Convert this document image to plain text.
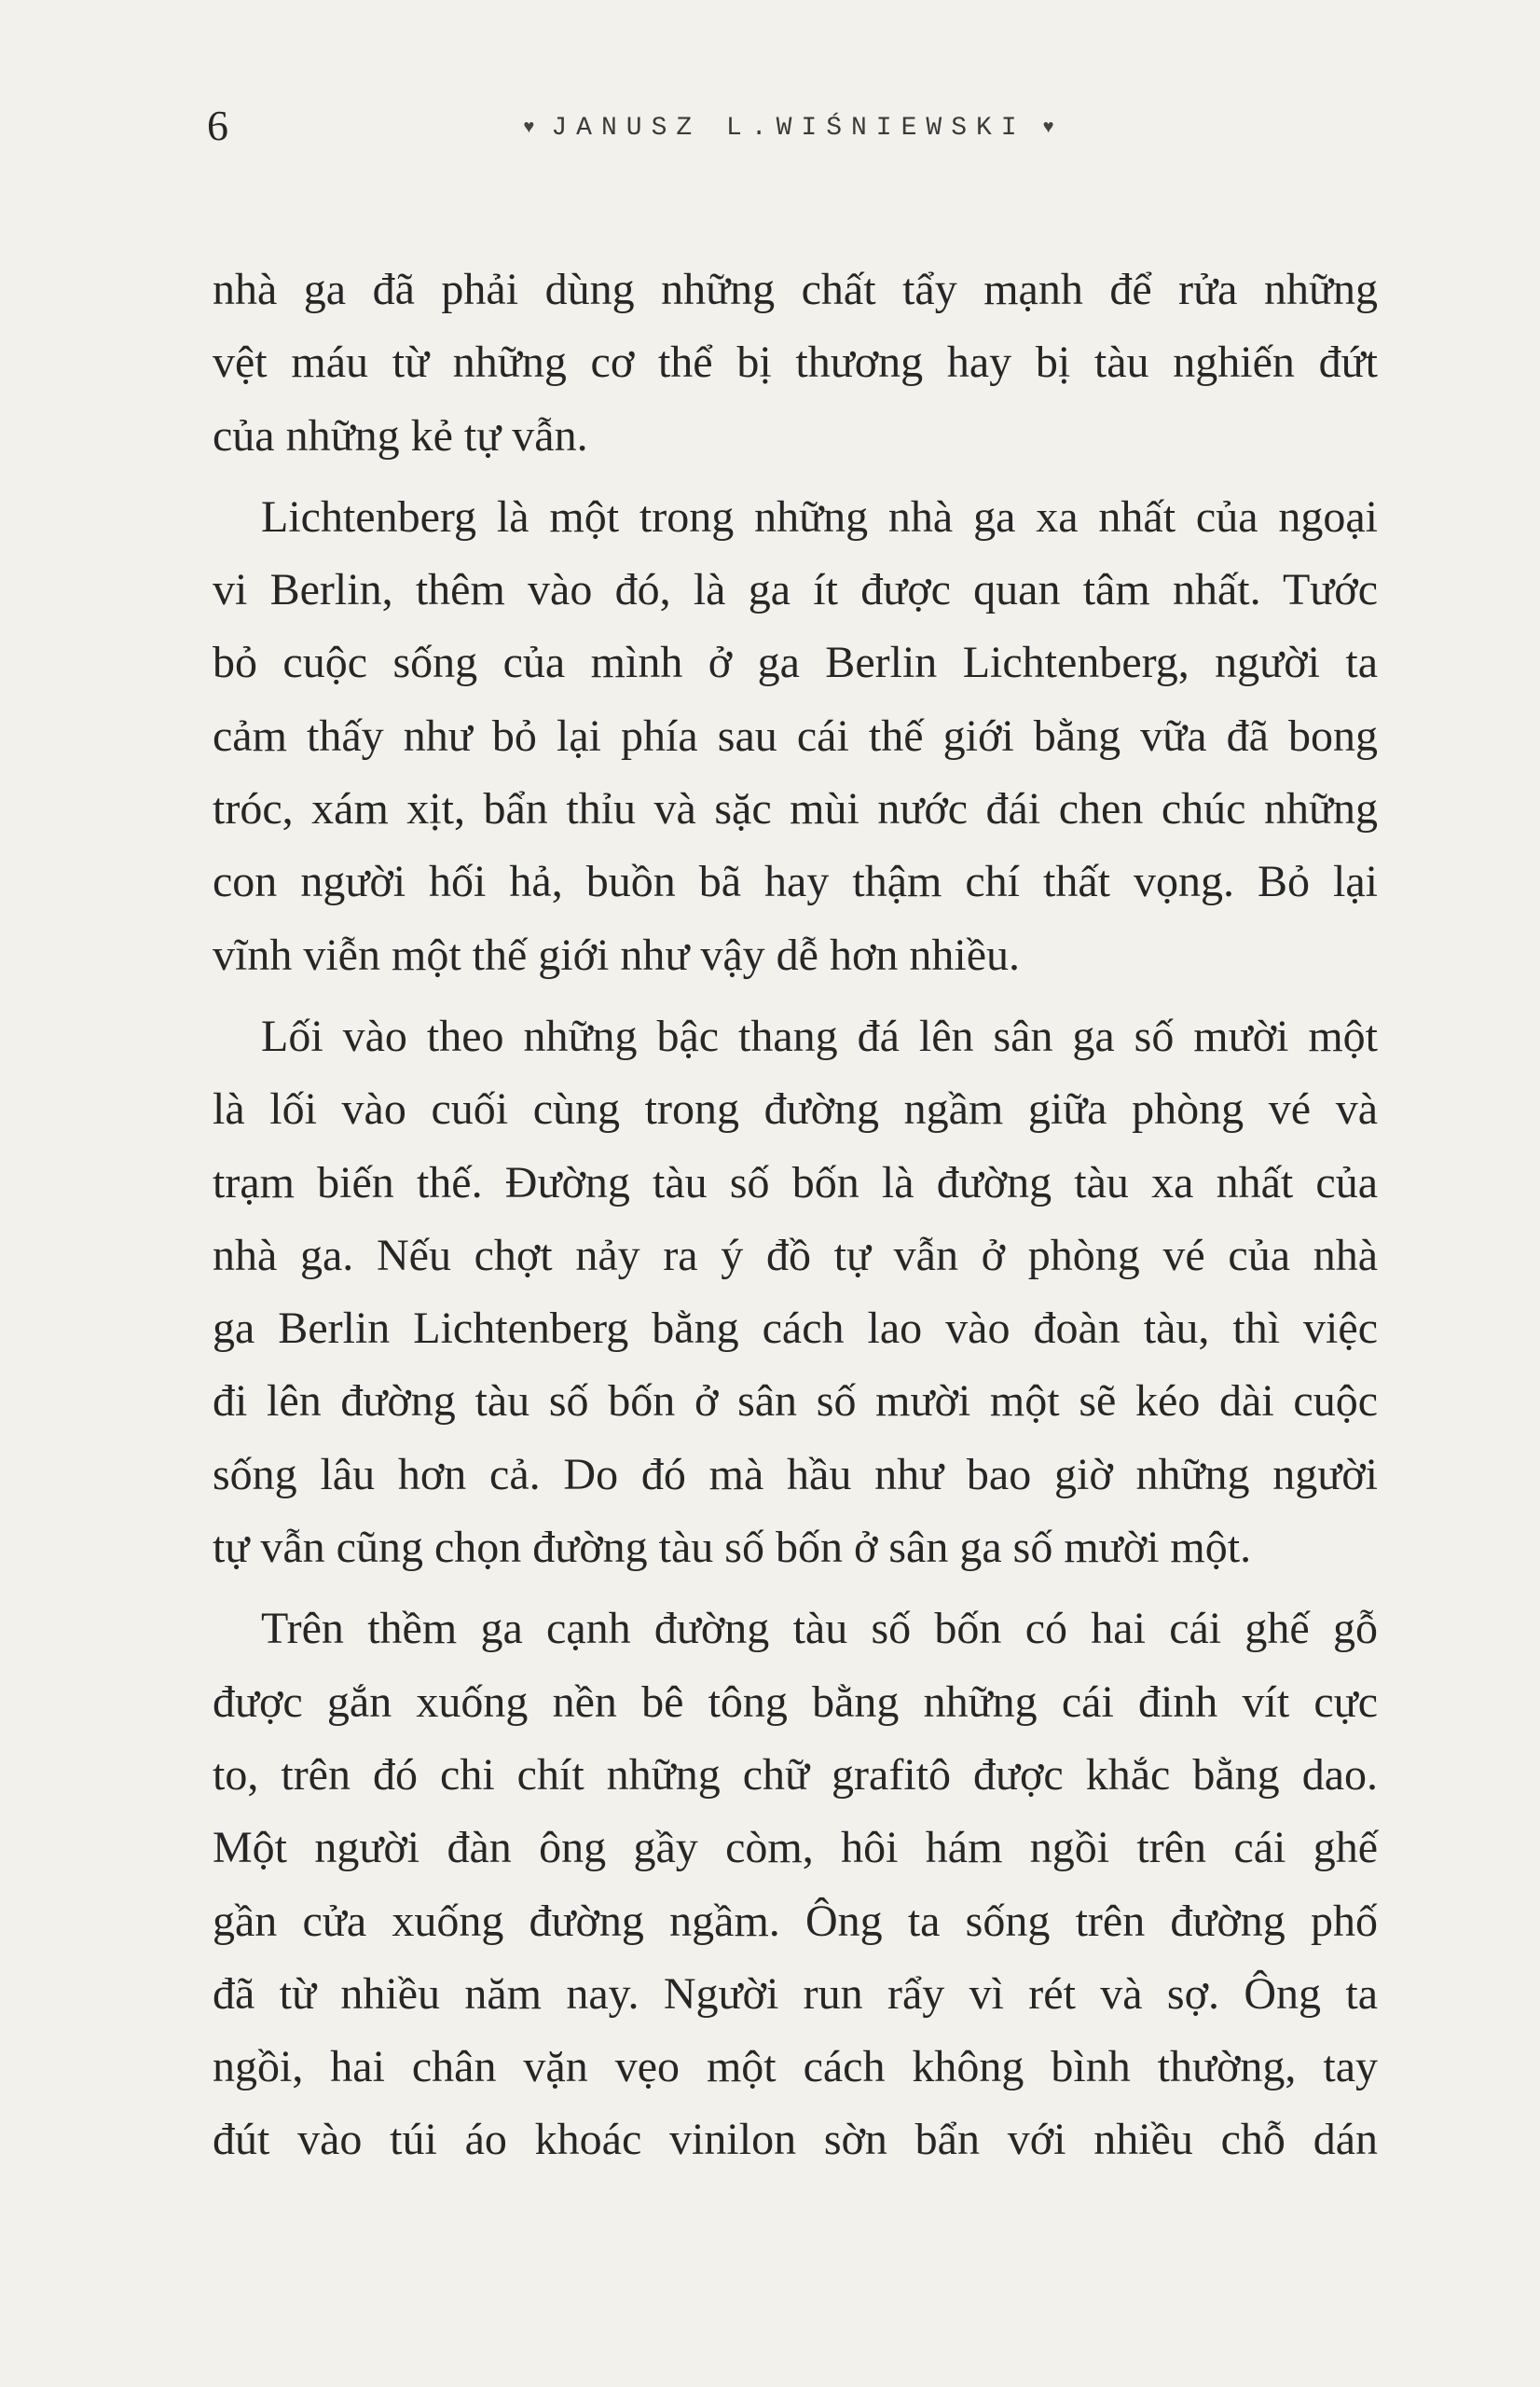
6	♥ JANUSZ L.WIŚNIEWSKI ♥
nhà ga đã phải dùng những chất tẩy mạnh để rửa những
vệt máu từ những cơ thể bị thương hay bị tàu nghiến đứt
của những kẻ tự vẫn.
Lichtenberg là một trong những nhà ga xa nhất của ngoại
vi Berlin, thêm vào đó, là ga ít được quan tâm nhất. Tước
bỏ cuộc sống của mình ở ga Berlin Lichtenberg, người ta
cảm thấy như bỏ lại phía sau cái thế giới bằng vữa đã bong
tróc, xám xịt, bẩn thỉu và sặc mùi nước đái chen chúc những
con người hối hả, buồn bã hay thậm chí thất vọng. Bỏ lại
vĩnh viễn một thế giới như vậy dễ hơn nhiều.
Lối vào theo những bậc thang đá lên sân ga số mười một
là lối vào cuối cùng trong đường ngầm giữa phòng vé và
trạm biến thế. Đường tàu số bốn là đường tàu xa nhất của
nhà ga. Nếu chợt nảy ra ý đồ tự vẫn ở phòng vé của nhà
ga Berlin Lichtenberg bằng cách lao vào đoàn tàu, thì việc
đi lên đường tàu số bốn ở sân số mười một sẽ kéo dài cuộc
sống lâu hơn cả. Do đó mà hầu như bao giờ những người
tự vẫn cũng chọn đường tàu số bốn ở sân ga số mười một.
Trên thềm ga cạnh đường tàu số bốn có hai cái ghế gỗ
được gắn xuống nền bê tông bằng những cái đinh vít cực
to, trên đó chi chít những chữ grafitô được khắc bằng dao.
Một người đàn ông gầy còm, hôi hám ngồi trên cái ghế
gần cửa xuống đường ngầm. Ông ta sống trên đường phố
đã từ nhiều năm nay. Người run rẩy vì rét và sợ. Ông ta
ngồi, hai chân vặn vẹo một cách không bình thường, tay
đút vào túi áo khoác vinilon sờn bẩn với nhiều chỗ dán
